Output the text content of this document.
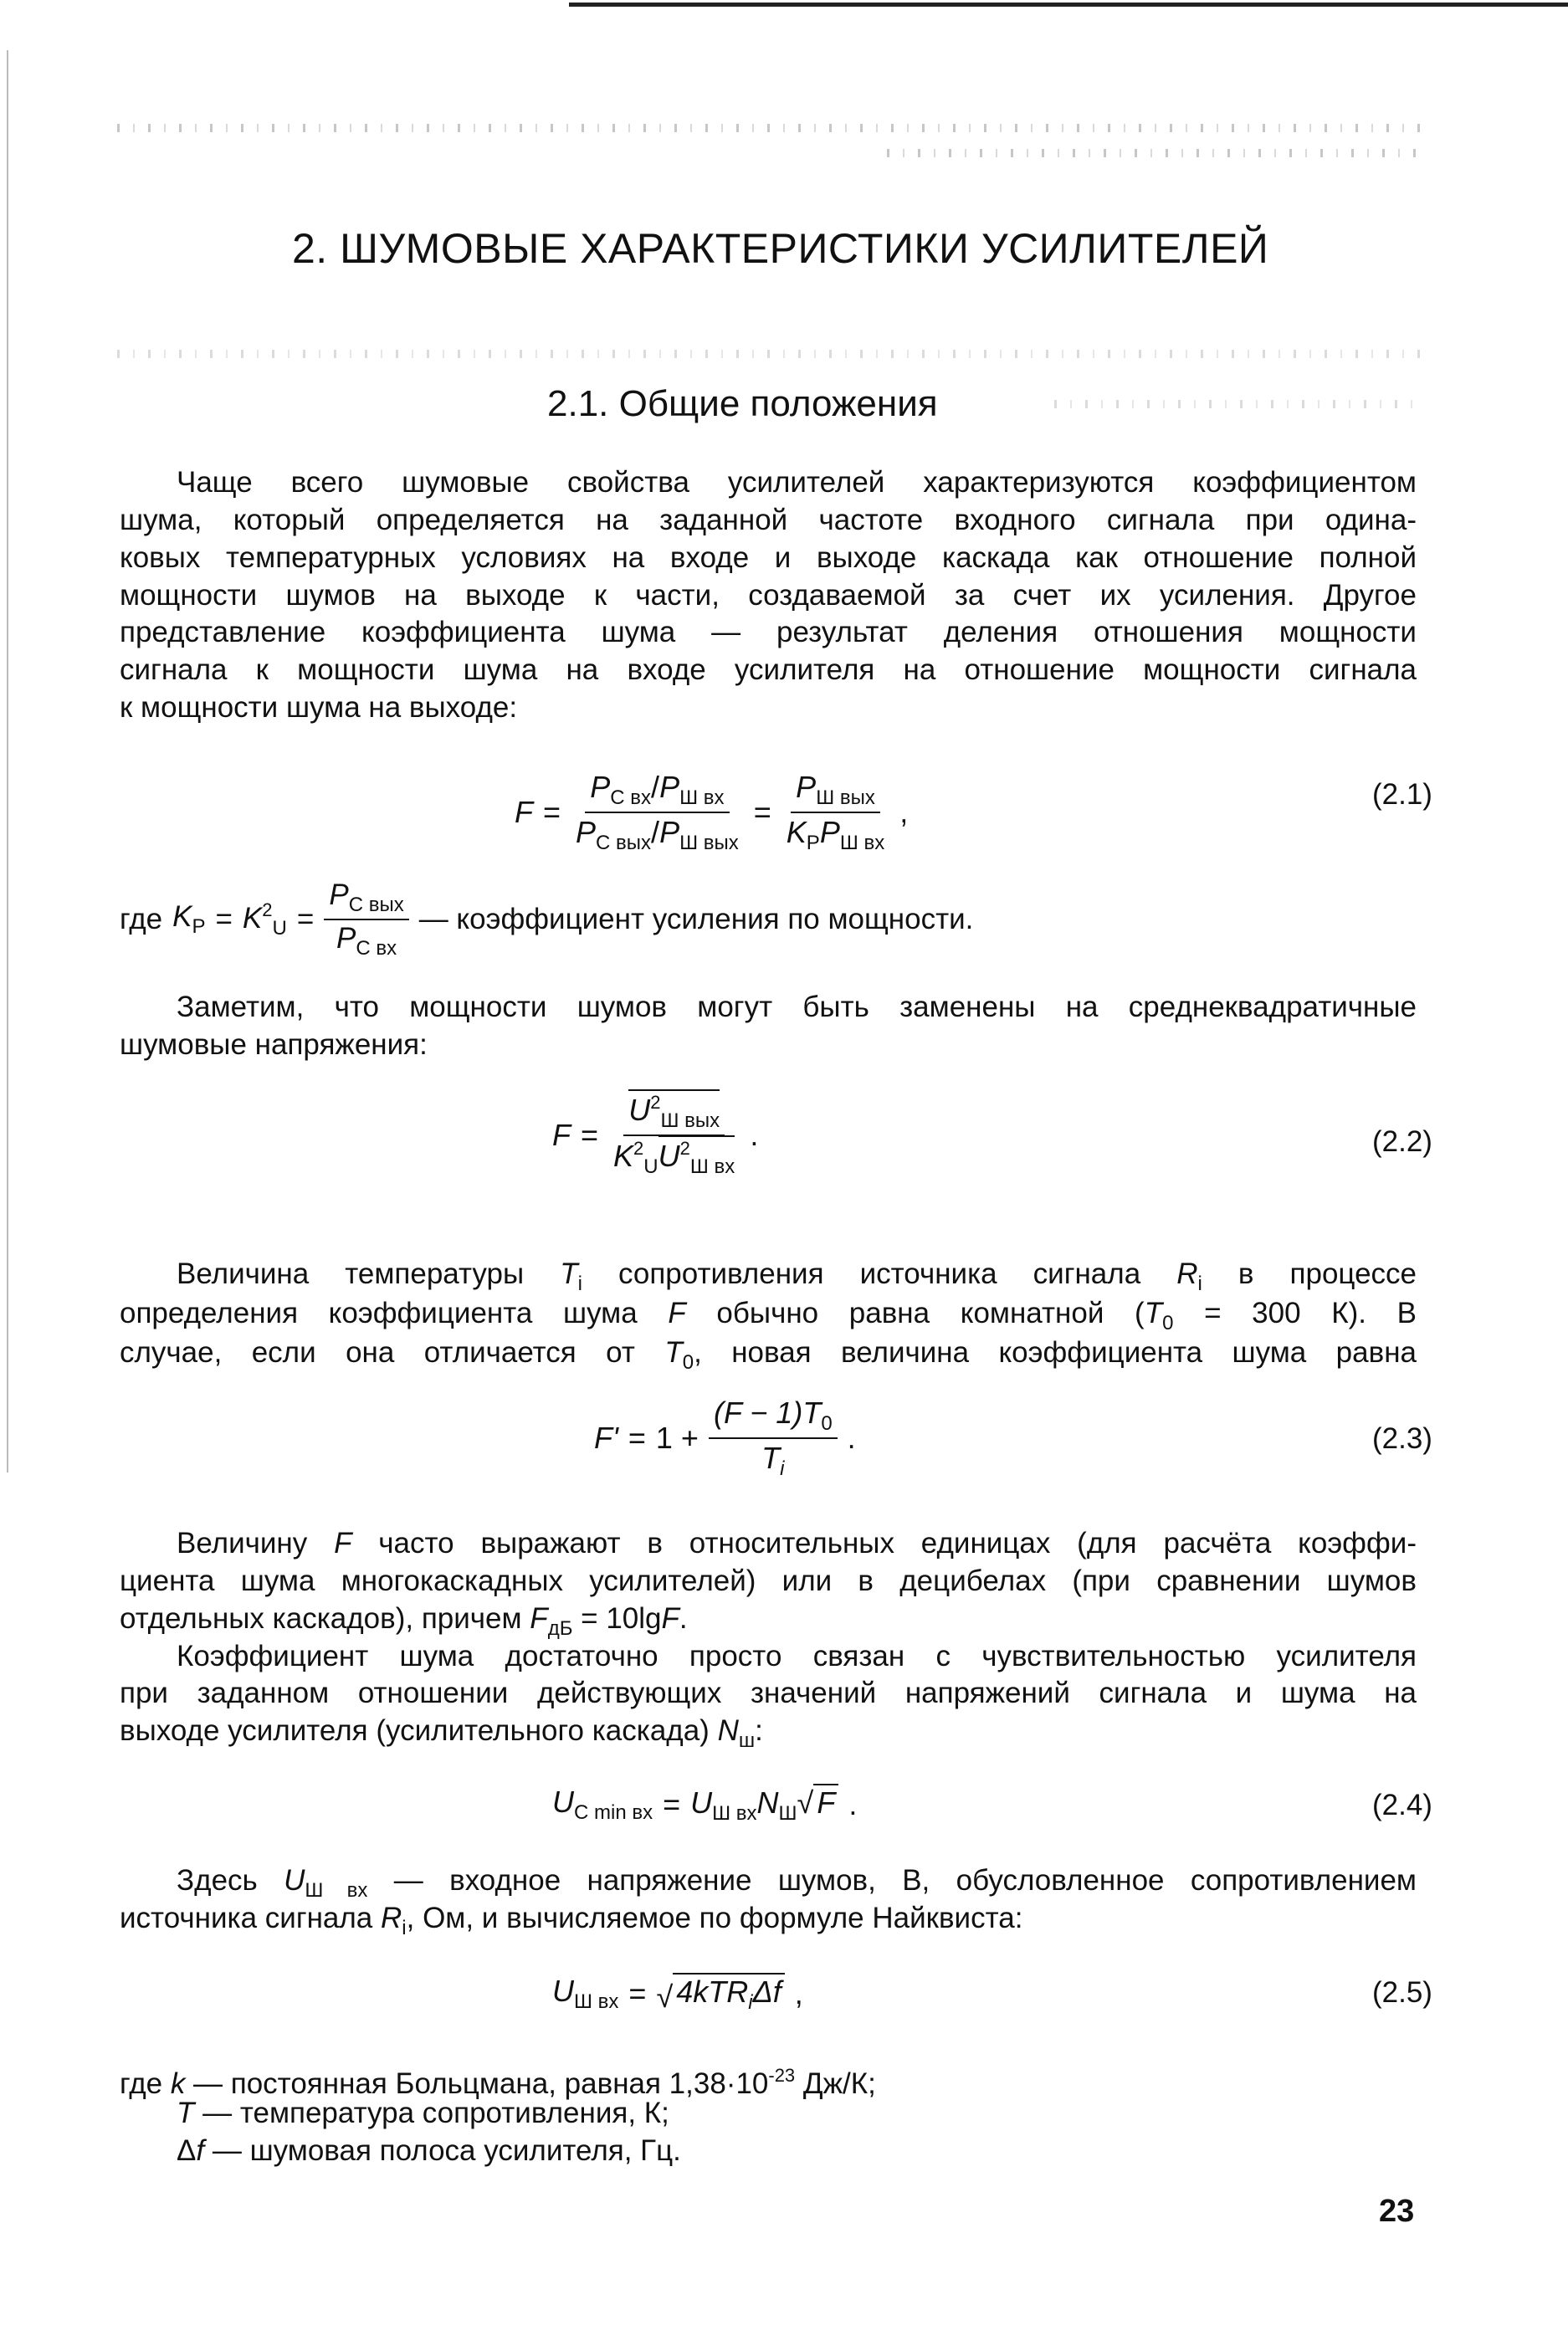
2. ШУМОВЫЕ ХАРАКТЕРИСТИКИ УСИЛИТЕЛЕЙ
2.1. Общие положения
Чаще всего шумовые свойства усилителей характеризуются коэффициентом
шума, который определяется на заданной частоте входного сигнала при одина-
ковых температурных условиях на входе и выходе каскада как отношение полной
мощности шумов на выходе к части, создаваемой за счет их усиления. Другое
представление коэффициента шума — результат деления отношения мощности
сигнала к мощности шума на входе усилителя на отношение мощности сигнала
к мощности шума на выходе:
$F = \frac{P_{С вх}/P_{Ш вх}}{P_{С вых}/P_{Ш вых}} = \frac{P_{Ш вых}}{K_PP_{Ш вх}}$ ,
(2.1)
где $K_P = K^2_U = \frac{P_{С вых}}{P_{С вх}}$ — коэффициент усиления по мощности.
Заметим, что мощности шумов могут быть заменены на среднеквадратичные
шумовые напряжения:
$F = \frac{U^2_{Ш вых}}{K^2_UU^2_{Ш вх}}$ .	(2.2)
Величина температуры $T_i$ сопротивления источника сигнала $R_i$ в процессе
определения коэффициента шума F обычно равна комнатной ($T_0 = 300$ К). В
случае, если она отличается от $T_0$, новая величина коэффициента шума равна
$F' = 1 + \frac{(F - 1)T_0}{T_i}$ .	(2.3)
Величину F часто выражают в относительных единицах (для расчёта коэффи-
циента шума многокаскадных усилителей) или в децибелах (при сравнении шумов
отдельных каскадов), причем $F_{дБ} = 10\lg F$.
Коэффициент шума достаточно просто связан с чувствительностью усилителя
при заданном отношении действующих значений напряжений сигнала и шума на
выходе усилителя (усилительного каскада) $N_ш$:
$U_{C min вх} = U_{Ш вх}N_Ш√$ F .	(2.4)
Здесь $U_{Ш вх}$ — входное напряжение шумов, В, обусловленное сопротивлением
источника сигнала $R_i$, Ом, и вычисляемое по формуле Найквиста:
$U_{Ш вх}$ = √ 4kTR$_i$Δf ,	(2.5)
где k — постоянная Больцмана, равная $1,38\cdot 10^{-23}$ Дж/К;
T — температура сопротивления, К;
Δf — шумовая полоса усилителя, Гц.
23
